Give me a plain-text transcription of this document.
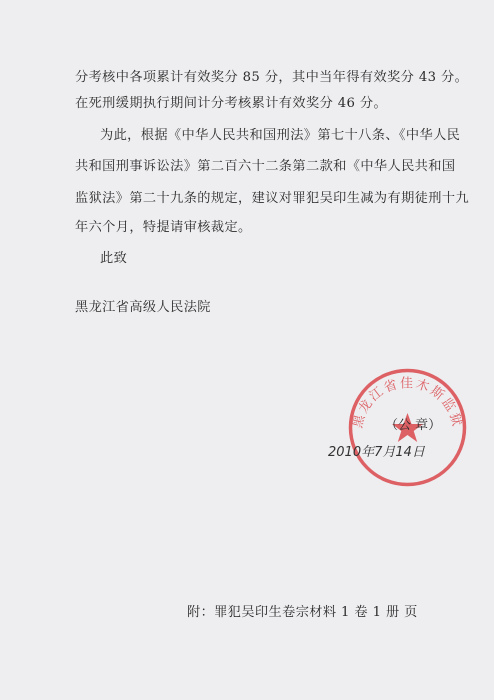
分考核中各项累计有效奖分 85 分，其中当年得有效奖分 43 分。
在死刑缓期执行期间计分考核累计有效奖分 46 分。
为此，根据《中华人民共和国刑法》第七十八条、《中华人民
共和国刑事诉讼法》第二百六十二条第二款和《中华人民共和国
监狱法》第二十九条的规定，建议对罪犯吴印生减为有期徒刑十九
年六个月，特提请审核裁定。
此致
黑龙江省高级人民法院
黑龙江省佳木斯监狱
（公 章）
2010年7月14日
附：罪犯吴印生卷宗材料 1 卷 1 册 页
